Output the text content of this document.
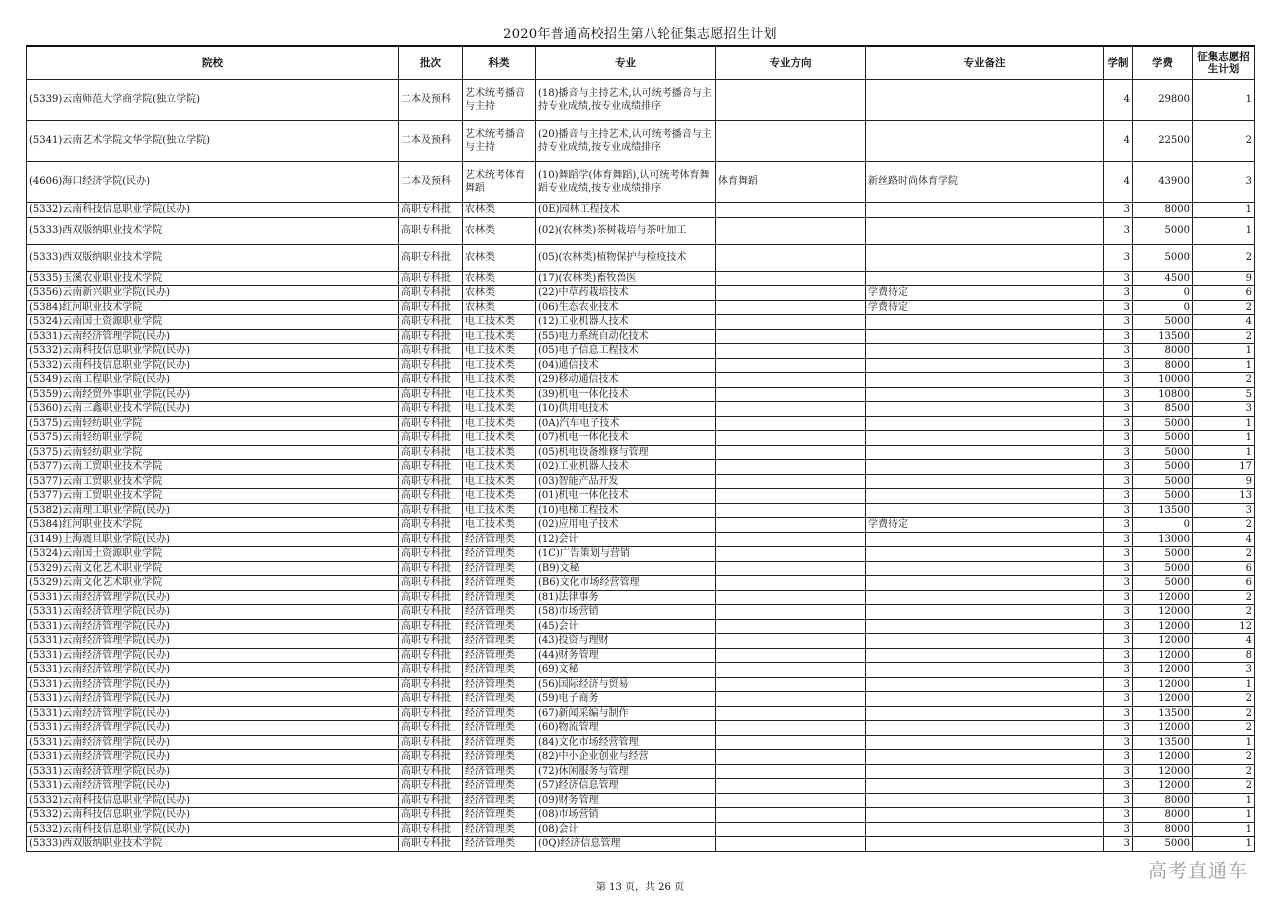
2020年普通高校招生第八轮征集志愿招生计划
院校	批次	科类	专业	专业方向	专业备注	学制	学费	征集志愿招生计划
(5339)云南师范大学商学院(独立学院)	二本及预科	艺术统考播音与主持	(18)播音与主持艺术,认可统考播音与主持专业成绩,按专业成绩排序			4	29800	1
(5341)云南艺术学院文华学院(独立学院)	二本及预科	艺术统考播音与主持	(20)播音与主持艺术,认可统考播音与主持专业成绩,按专业成绩排序			4	22500	2
(4606)海口经济学院(民办)	二本及预科	艺术统考体育舞蹈	(10)舞蹈学(体育舞蹈),认可统考体育舞蹈专业成绩,按专业成绩排序	体育舞蹈	新丝路时尚体育学院	4	43900	3
(5332)云南科技信息职业学院(民办)	高职专科批	农林类	(0E)园林工程技术			3	8000	1
(5333)西双版纳职业技术学院	高职专科批	农林类	(02)(农林类)茶树栽培与茶叶加工			3	5000	1
(5333)西双版纳职业技术学院	高职专科批	农林类	(05)(农林类)植物保护与检疫技术			3	5000	2
(5335)玉溪农业职业技术学院	高职专科批	农林类	(17)(农林类)畜牧兽医			3	4500	9
(5356)云南新兴职业学院(民办)	高职专科批	农林类	(22)中草药栽培技术		学费待定	3	0	6
(5384)红河职业技术学院	高职专科批	农林类	(06)生态农业技术		学费待定	3	0	2
(5324)云南国土资源职业学院	高职专科批	电工技术类	(12)工业机器人技术			3	5000	4
(5331)云南经济管理学院(民办)	高职专科批	电工技术类	(55)电力系统自动化技术			3	13500	2
(5332)云南科技信息职业学院(民办)	高职专科批	电工技术类	(05)电子信息工程技术			3	8000	1
(5332)云南科技信息职业学院(民办)	高职专科批	电工技术类	(04)通信技术			3	8000	1
(5349)云南工程职业学院(民办)	高职专科批	电工技术类	(29)移动通信技术			3	10000	2
(5359)云南经贸外事职业学院(民办)	高职专科批	电工技术类	(39)机电一体化技术			3	10800	5
(5360)云南三鑫职业技术学院(民办)	高职专科批	电工技术类	(10)供用电技术			3	8500	3
(5375)云南轻纺职业学院	高职专科批	电工技术类	(0A)汽车电子技术			3	5000	1
(5375)云南轻纺职业学院	高职专科批	电工技术类	(07)机电一体化技术			3	5000	1
(5375)云南轻纺职业学院	高职专科批	电工技术类	(05)机电设备维修与管理			3	5000	1
(5377)云南工贸职业技术学院	高职专科批	电工技术类	(02)工业机器人技术			3	5000	17
(5377)云南工贸职业技术学院	高职专科批	电工技术类	(03)智能产品开发			3	5000	9
(5377)云南工贸职业技术学院	高职专科批	电工技术类	(01)机电一体化技术			3	5000	13
(5382)云南理工职业学院(民办)	高职专科批	电工技术类	(10)电梯工程技术			3	13500	3
(5384)红河职业技术学院	高职专科批	电工技术类	(02)应用电子技术		学费待定	3	0	2
(3149)上海震旦职业学院(民办)	高职专科批	经济管理类	(12)会计			3	13000	4
(5324)云南国土资源职业学院	高职专科批	经济管理类	(1C)广告策划与营销			3	5000	2
(5329)云南文化艺术职业学院	高职专科批	经济管理类	(B9)文秘			3	5000	6
(5329)云南文化艺术职业学院	高职专科批	经济管理类	(B6)文化市场经营管理			3	5000	6
(5331)云南经济管理学院(民办)	高职专科批	经济管理类	(81)法律事务			3	12000	2
(5331)云南经济管理学院(民办)	高职专科批	经济管理类	(58)市场营销			3	12000	2
(5331)云南经济管理学院(民办)	高职专科批	经济管理类	(45)会计			3	12000	12
(5331)云南经济管理学院(民办)	高职专科批	经济管理类	(43)投资与理财			3	12000	4
(5331)云南经济管理学院(民办)	高职专科批	经济管理类	(44)财务管理			3	12000	8
(5331)云南经济管理学院(民办)	高职专科批	经济管理类	(69)文秘			3	12000	3
(5331)云南经济管理学院(民办)	高职专科批	经济管理类	(56)国际经济与贸易			3	12000	1
(5331)云南经济管理学院(民办)	高职专科批	经济管理类	(59)电子商务			3	12000	2
(5331)云南经济管理学院(民办)	高职专科批	经济管理类	(67)新闻采编与制作			3	13500	2
(5331)云南经济管理学院(民办)	高职专科批	经济管理类	(60)物流管理			3	12000	2
(5331)云南经济管理学院(民办)	高职专科批	经济管理类	(84)文化市场经营管理			3	13500	1
(5331)云南经济管理学院(民办)	高职专科批	经济管理类	(82)中小企业创业与经营			3	12000	2
(5331)云南经济管理学院(民办)	高职专科批	经济管理类	(72)休闲服务与管理			3	12000	2
(5331)云南经济管理学院(民办)	高职专科批	经济管理类	(57)经济信息管理			3	12000	2
(5332)云南科技信息职业学院(民办)	高职专科批	经济管理类	(09)财务管理			3	8000	1
(5332)云南科技信息职业学院(民办)	高职专科批	经济管理类	(08)市场营销			3	8000	1
(5332)云南科技信息职业学院(民办)	高职专科批	经济管理类	(08)会计			3	8000	1
(5333)西双版纳职业技术学院	高职专科批	经济管理类	(0Q)经济信息管理			3	5000	1
第 13 页，共 26 页
高考直通车
